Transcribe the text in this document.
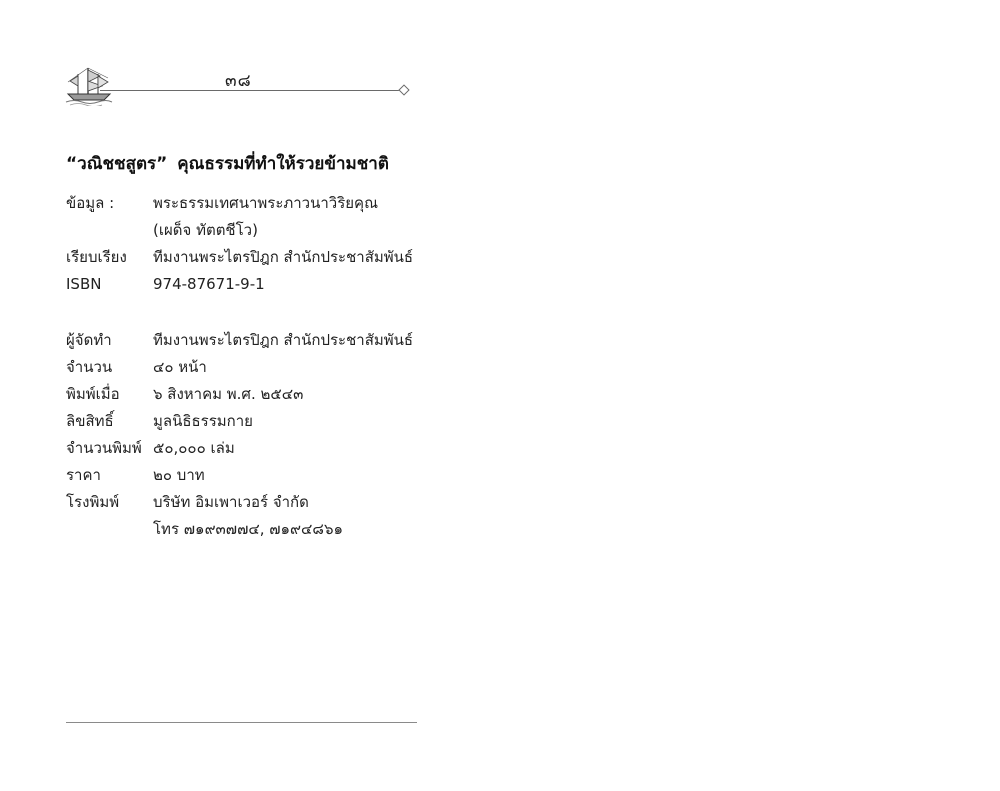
๓๘
“วณิชชสูตร” คุณธรรมที่ทำให้รวยข้ามชาติ
ข้อมูล :	พระธรรมเทศนาพระภาวนาวิริยคุณ
(เผด็จ ทัตตชีโว)
เรียบเรียง	ทีมงานพระไตรปิฎก สำนักประชาสัมพันธ์
ISBN	974-87671-9-1
ผู้จัดทำ	ทีมงานพระไตรปิฎก สำนักประชาสัมพันธ์
จำนวน	๔๐ หน้า
พิมพ์เมื่อ	๖ สิงหาคม พ.ศ. ๒๕๔๓
ลิขสิทธิ์	มูลนิธิธรรมกาย
จำนวนพิมพ์ ๕๐,๐๐๐ เล่ม
ราคา	๒๐ บาท
โรงพิมพ์	บริษัท อิมเพาเวอร์ จำกัด
โทร ๗๑๙๓๗๗๔, ๗๑๙๔๘๖๑
